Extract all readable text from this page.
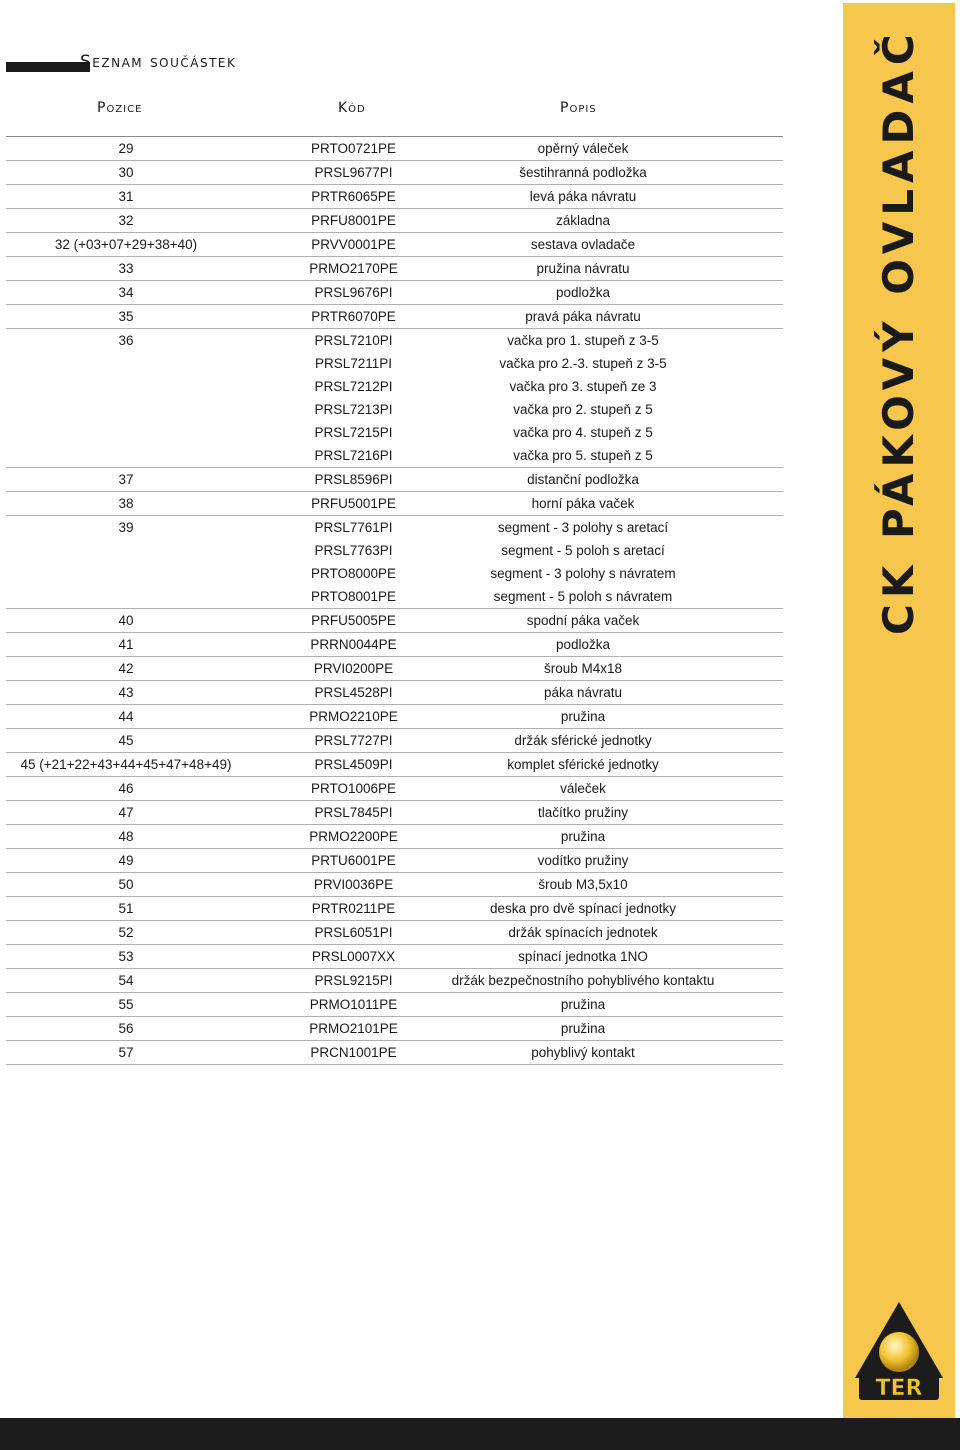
Seznam součástek
Pozice	Kód	Popis
29	PRTO0721PE	opěrný váleček
30	PRSL9677PI	šestihranná podložka
31	PRTR6065PE	levá páka návratu
32	PRFU8001PE	základna
32 (+03+07+29+38+40)	PRVV0001PE	sestava ovladače
33	PRMO2170PE	pružina návratu
34	PRSL9676PI	podložka
35	PRTR6070PE	pravá páka návratu
36	PRSL7210PI	vačka pro 1. stupeň z 3-5
PRSL7211PI	vačka pro 2.-3. stupeň z 3-5
PRSL7212PI	vačka pro 3. stupeň ze 3
PRSL7213PI	vačka pro 2. stupeň z 5
PRSL7215PI	vačka pro 4. stupeň z 5
PRSL7216PI	vačka pro 5. stupeň z 5
37	PRSL8596PI	distanční podložka
38	PRFU5001PE	horní páka vaček
39	PRSL7761PI	segment - 3 polohy s aretací
PRSL7763PI	segment - 5 poloh s aretací
PRTO8000PE	segment - 3 polohy s návratem
PRTO8001PE	segment - 5 poloh s návratem
40	PRFU5005PE	spodní páka vaček
41	PRRN0044PE	podložka
42	PRVI0200PE	šroub M4x18
43	PRSL4528PI	páka návratu
44	PRMO2210PE	pružina
45	PRSL7727PI	držák sférické jednotky
45 (+21+22+43+44+45+47+48+49)	PRSL4509PI	komplet sférické jednotky
46	PRTO1006PE	váleček
47	PRSL7845PI	tlačítko pružiny
48	PRMO2200PE	pružina
49	PRTU6001PE	vodítko pružiny
50	PRVI0036PE	šroub M3,5x10
51	PRTR0211PE	deska pro dvě spínací jednotky
52	PRSL6051PI	držák spínacích jednotek
53	PRSL0007XX	spínací jednotka 1NO
54	PRSL9215PI	držák bezpečnostního pohyblivého kontaktu
55	PRMO1011PE	pružina
56	PRMO2101PE	pružina
57	PRCN1001PE	pohyblivý kontakt
CK PÁKOVÝ OVLADAČ
TER
